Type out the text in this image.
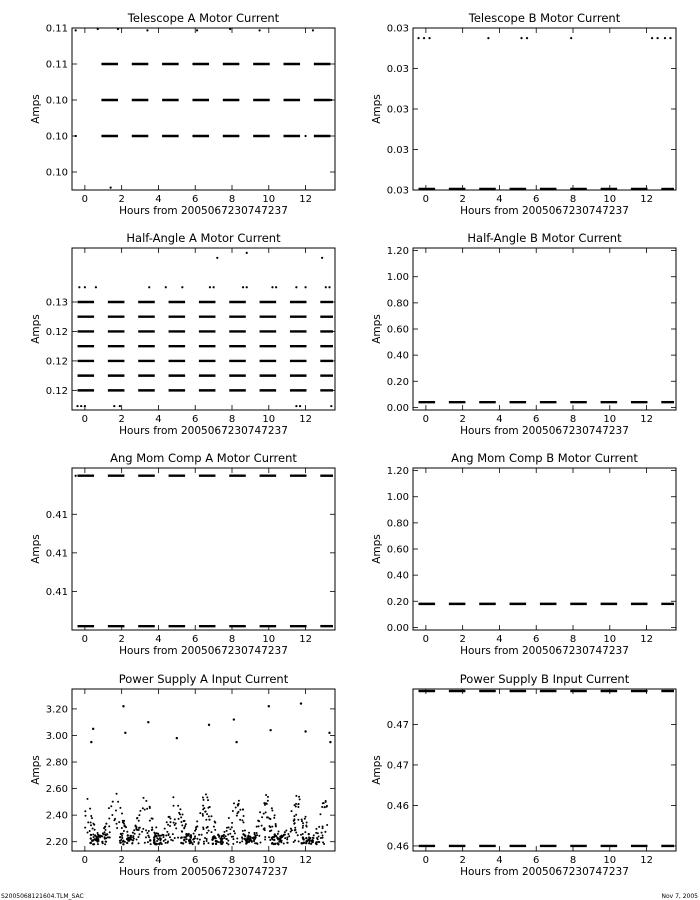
Telescope A Motor Current
0	2	4	6	8	10 12
0.10
0.10
0.10
0.11
0.11
Hours from 2005067230747237
Amps
Telescope B Motor Current
0	2	4	6	8	10 12
0.03
0.03
0.03
0.03
0.03
Hours from 2005067230747237
Amps
Half-Angle A Motor Current
0	2	4	6	8	10 12
0.12
0.12
0.12
0.13
Hours from 2005067230747237
Amps
Half-Angle B Motor Current
0	2	4	6	8	10 12
0.00
0.20
0.40
0.60
0.80
1.00
1.20
Hours from 2005067230747237
Amps
Ang Mom Comp A Motor Current
0	2	4	6	8	10 12
0.41
0.41
0.41
Hours from 2005067230747237
Amps
Ang Mom Comp B Motor Current
0	2	4	6	8	10 12
0.00
0.20
0.40
0.60
0.80
1.00
1.20
Hours from 2005067230747237
Amps
Power Supply A Input Current
0	2	4	6	8	10 12
2.20
2.40
2.60
2.80
3.00
3.20
Hours from 2005067230747237
Amps
Power Supply B Input Current
0	2	4	6	8	10 12
0.46
0.46
0.47
0.47
Hours from 2005067230747237
Amps
S2005068121604.TLM_SAC	Nov 7, 2005
